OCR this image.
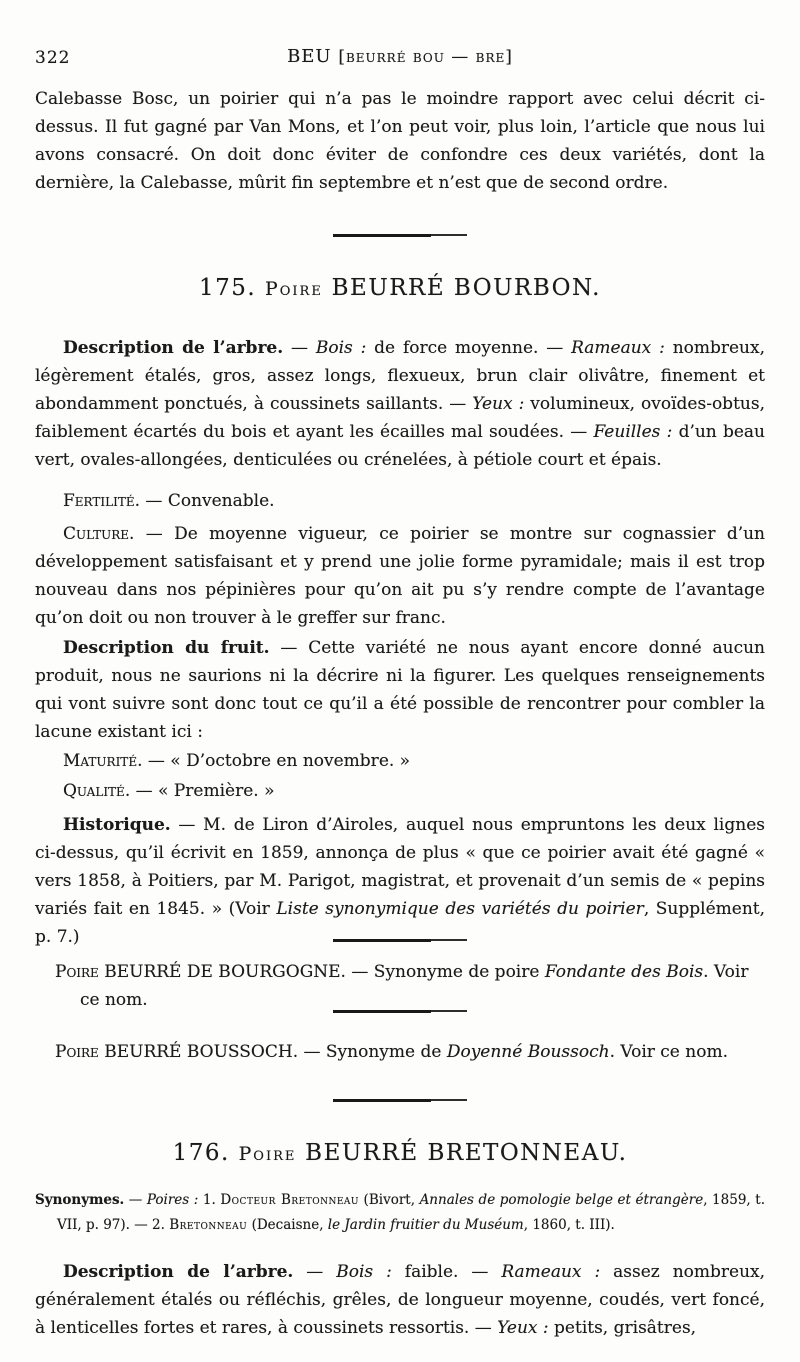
322	BEU [beurré bou — bre]
Calebasse Bosc, un poirier qui n’a pas le moindre rapport avec celui décrit ci-dessus. Il fut gagné par Van Mons, et l’on peut voir, plus loin, l’article que nous lui avons consacré. On doit donc éviter de confondre ces deux variétés, dont la dernière, la Calebasse, mûrit fin septembre et n’est que de second ordre.
175. Poire BEURRÉ BOURBON.
Description de l’arbre. — Bois : de force moyenne. — Rameaux : nombreux, légèrement étalés, gros, assez longs, flexueux, brun clair olivâtre, finement et abondamment ponctués, à coussinets saillants. — Yeux : volumineux, ovoïdes-obtus, faiblement écartés du bois et ayant les écailles mal soudées. — Feuilles : d’un beau vert, ovales-allongées, denticulées ou crénelées, à pétiole court et épais.
Fertilité. — Convenable.
Culture. — De moyenne vigueur, ce poirier se montre sur cognassier d’un développement satisfaisant et y prend une jolie forme pyramidale; mais il est trop nouveau dans nos pépinières pour qu’on ait pu s’y rendre compte de l’avantage qu’on doit ou non trouver à le greffer sur franc.
Description du fruit. — Cette variété ne nous ayant encore donné aucun produit, nous ne saurions ni la décrire ni la figurer. Les quelques renseignements qui vont suivre sont donc tout ce qu’il a été possible de rencontrer pour combler la lacune existant ici :
Maturité. — « D’octobre en novembre. »
Qualité. — « Première. »
Historique. — M. de Liron d’Airoles, auquel nous empruntons les deux lignes ci-dessus, qu’il écrivit en 1859, annonça de plus « que ce poirier avait été gagné « vers 1858, à Poitiers, par M. Parigot, magistrat, et provenait d’un semis de « pepins variés fait en 1845. » (Voir Liste synonymique des variétés du poirier, Supplément, p. 7.)
Poire BEURRÉ DE BOURGOGNE. — Synonyme de poire Fondante des Bois. Voir ce nom.
Poire BEURRÉ BOUSSOCH. — Synonyme de Doyenné Boussoch. Voir ce nom.
176. Poire BEURRÉ BRETONNEAU.
Synonymes. — Poires : 1. Docteur Bretonneau (Bivort, Annales de pomologie belge et étrangère, 1859, t. VII, p. 97). — 2. Bretonneau (Decaisne, le Jardin fruitier du Muséum, 1860, t. III).
Description de l’arbre. — Bois : faible. — Rameaux : assez nombreux, généralement étalés ou réfléchis, grêles, de longueur moyenne, coudés, vert foncé, à lenticelles fortes et rares, à coussinets ressortis. — Yeux : petits, grisâtres,
